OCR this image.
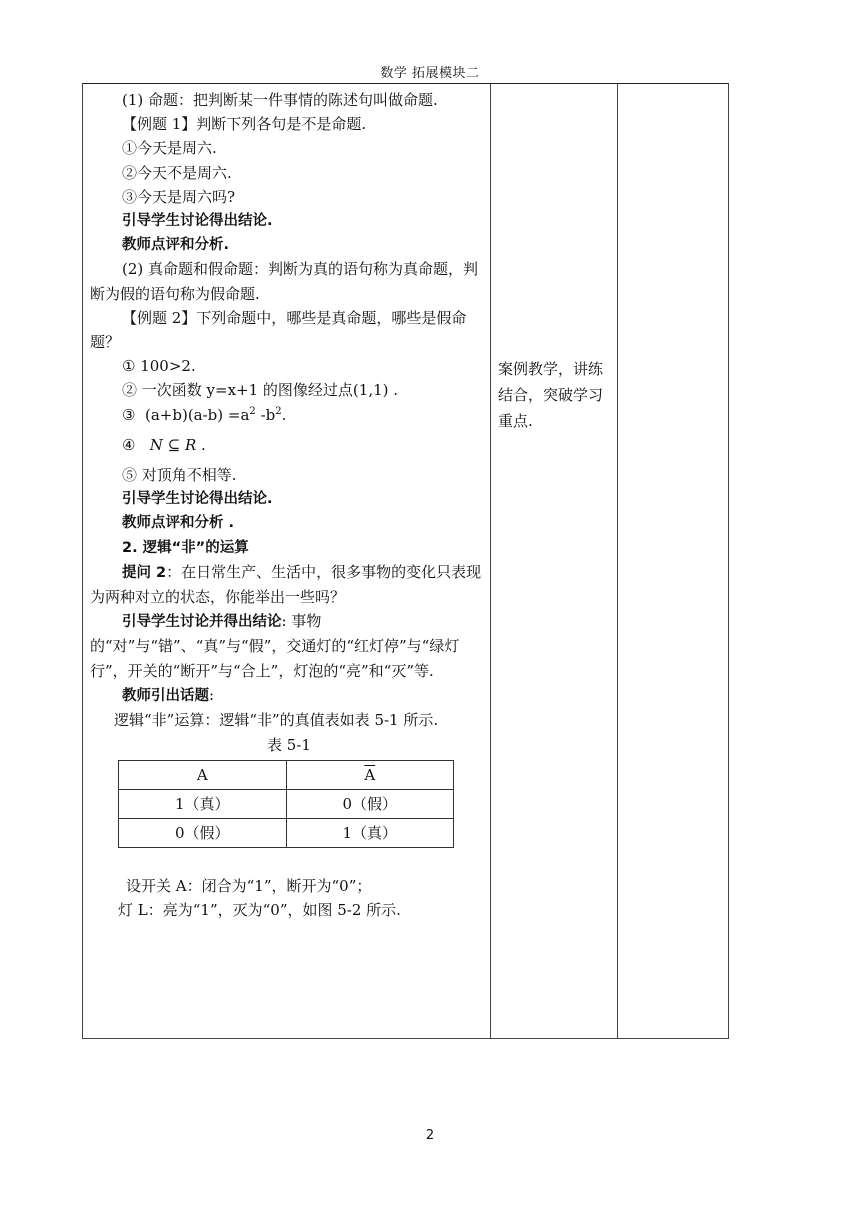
数学 拓展模块二

(1) 命题：把判断某一件事情的陈述句叫做命题.

【例题 1】判断下列各句是不是命题.

①今天是周六.

②今天不是周六.

③今天是周六吗?

引导学生讨论得出结论.

教师点评和分析.

(2) 真命题和假命题：判断为真的语句称为真命题，判断为假的语句称为假命题.

【例题 2】下列命题中，哪些是真命题，哪些是假命题？

① 100>2.

② 一次函数 y=x+1 的图像经过点(1,1) .

③ $(a+b)(a-b) =a^2$ $-b^2$.

④ N ⊆ R .

⑤ 对顶角不相等.

引导学生讨论得出结论.

教师点评和分析 .

2. 逻辑“非”的运算

提问 2：在日常生产、生活中，很多事物的变化只表现为两种对立的状态，你能举出一些吗？

引导学生讨论并得出结论: 事物的“对”与“错”、“真”与“假”，交通灯的“红灯停”与“绿灯行”，开关的“断开”与“合上”，灯泡的“亮”和“灭”等.

教师引出话题:

逻辑“非”运算：逻辑“非”的真值表如表 5-1 所示.

表 5-1

A	$\overline{A}$
1（真）	0（假）
0（假）	1（真）

设开关 A：闭合为“1”，断开为“0”；

灯 L：亮为“1”，灭为“0”，如图 5-2 所示.

案例教学，讲练结合，突破学习重点.
2
